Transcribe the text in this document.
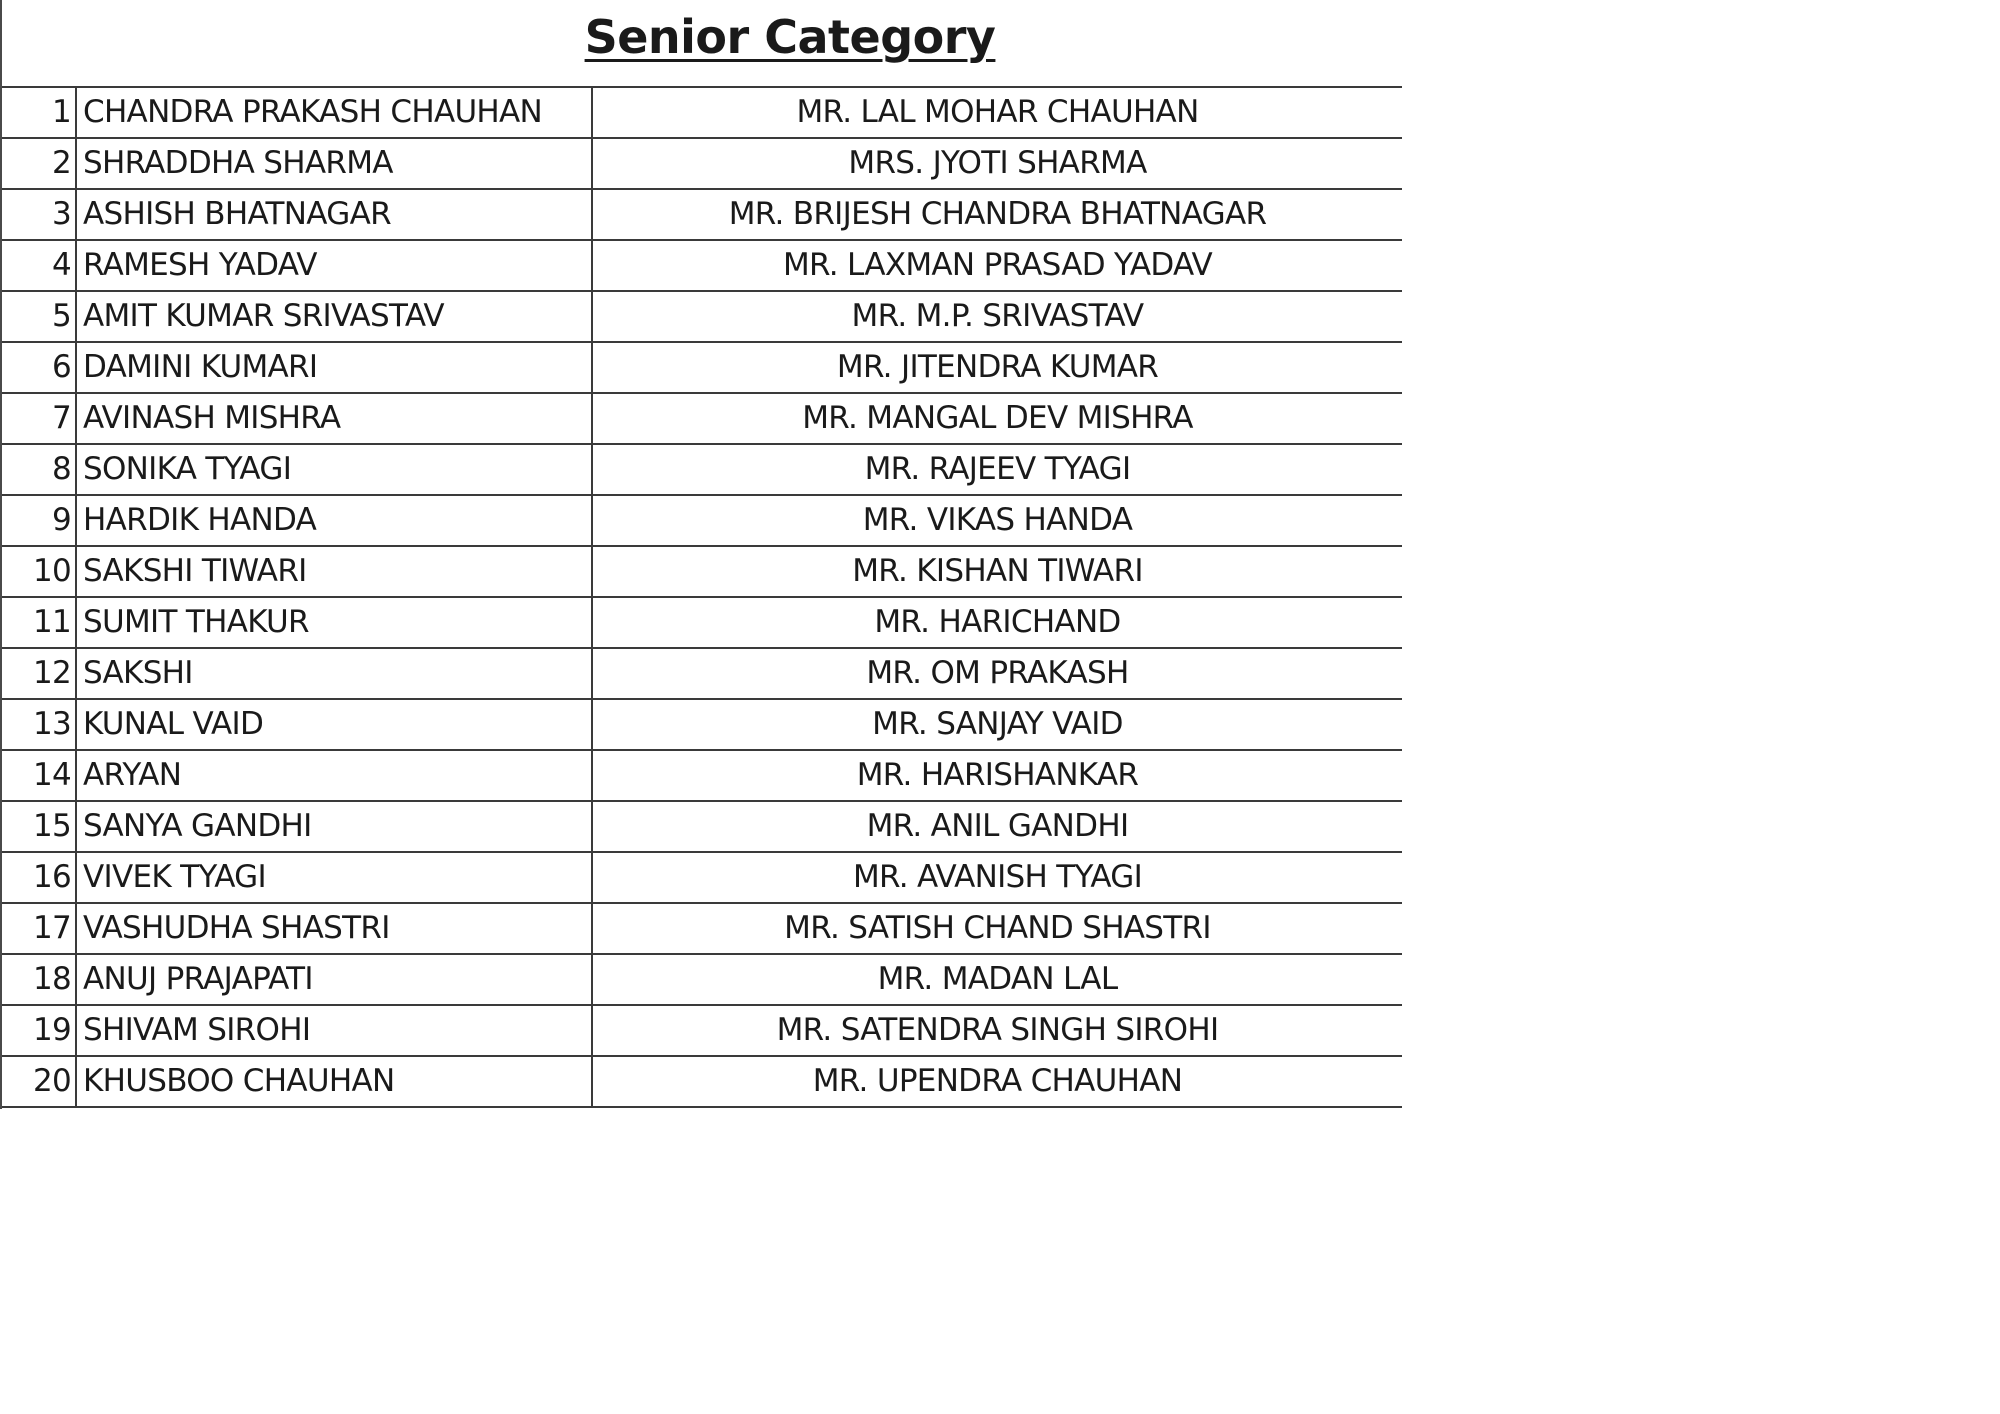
Senior Category
1	CHANDRA PRAKASH CHAUHAN	MR. LAL MOHAR CHAUHAN
2	SHRADDHA SHARMA	MRS. JYOTI SHARMA
3	ASHISH BHATNAGAR	MR. BRIJESH CHANDRA BHATNAGAR
4	RAMESH YADAV	MR. LAXMAN PRASAD YADAV
5	AMIT KUMAR SRIVASTAV	MR. M.P. SRIVASTAV
6	DAMINI KUMARI	MR. JITENDRA KUMAR
7	AVINASH MISHRA	MR. MANGAL DEV MISHRA
8	SONIKA TYAGI	MR. RAJEEV TYAGI
9	HARDIK HANDA	MR. VIKAS HANDA
10	SAKSHI TIWARI	MR. KISHAN TIWARI
11	SUMIT THAKUR	MR. HARICHAND
12	SAKSHI	MR. OM PRAKASH
13	KUNAL VAID	MR. SANJAY VAID
14	ARYAN	MR. HARISHANKAR
15	SANYA GANDHI	MR. ANIL GANDHI
16	VIVEK TYAGI	MR. AVANISH TYAGI
17	VASHUDHA SHASTRI	MR. SATISH CHAND SHASTRI
18	ANUJ PRAJAPATI	MR. MADAN LAL
19	SHIVAM SIROHI	MR. SATENDRA SINGH SIROHI
20	KHUSBOO CHAUHAN	MR. UPENDRA CHAUHAN
